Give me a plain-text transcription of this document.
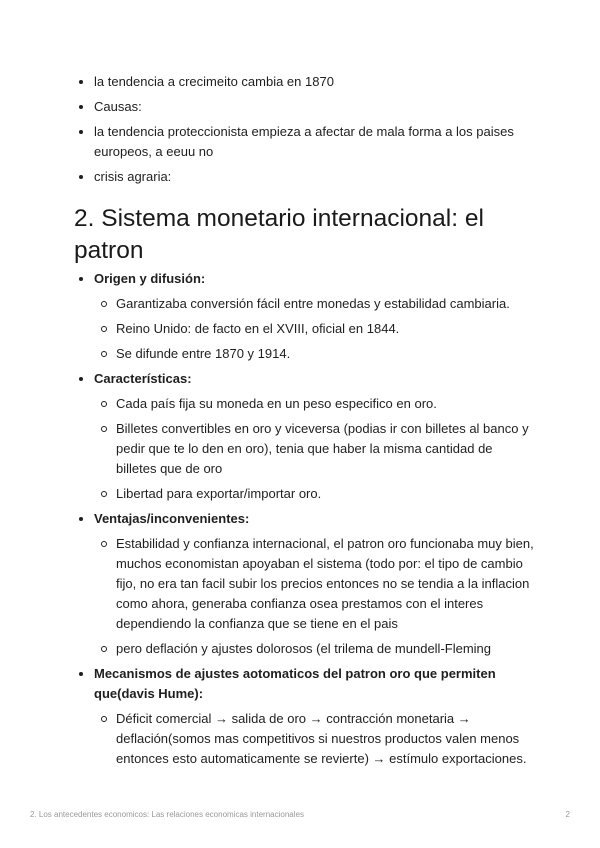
la tendencia a crecimeito cambia en 1870
Causas:
la tendencia proteccionista empieza a afectar de mala forma a los paises europeos, a eeuu no
crisis agraria:
2. Sistema monetario internacional: el patron
Origen y difusión:
Garantizaba conversión fácil entre monedas y estabilidad cambiaria.
Reino Unido: de facto en el XVIII, oficial en 1844.
Se difunde entre 1870 y 1914.
Características:
Cada país fija su moneda en un peso especifico en oro.
Billetes convertibles en oro y viceversa (podias ir con billetes al banco y pedir que te lo den en oro), tenia que haber la misma cantidad de billetes que de oro
Libertad para exportar/importar oro.
Ventajas/inconvenientes:
Estabilidad y confianza internacional, el patron oro funcionaba muy bien, muchos economistan apoyaban el sistema (todo por: el tipo de cambio fijo, no era tan facil subir los precios entonces no se tendia a la inflacion como ahora, generaba confianza osea prestamos con el interes dependiendo la confianza que se tiene en el pais
pero deflación y ajustes dolorosos (el trilema de mundell-Fleming
Mecanismos de ajustes aotomaticos del patron oro que permiten que(davis Hume):
Déficit comercial → salida de oro → contracción monetaria → deflación(somos mas competitivos si nuestros productos valen menos entonces esto automaticamente se revierte) → estímulo exportaciones.
2. Los antecedentes economicos: Las relaciones economicas internacionales	2
